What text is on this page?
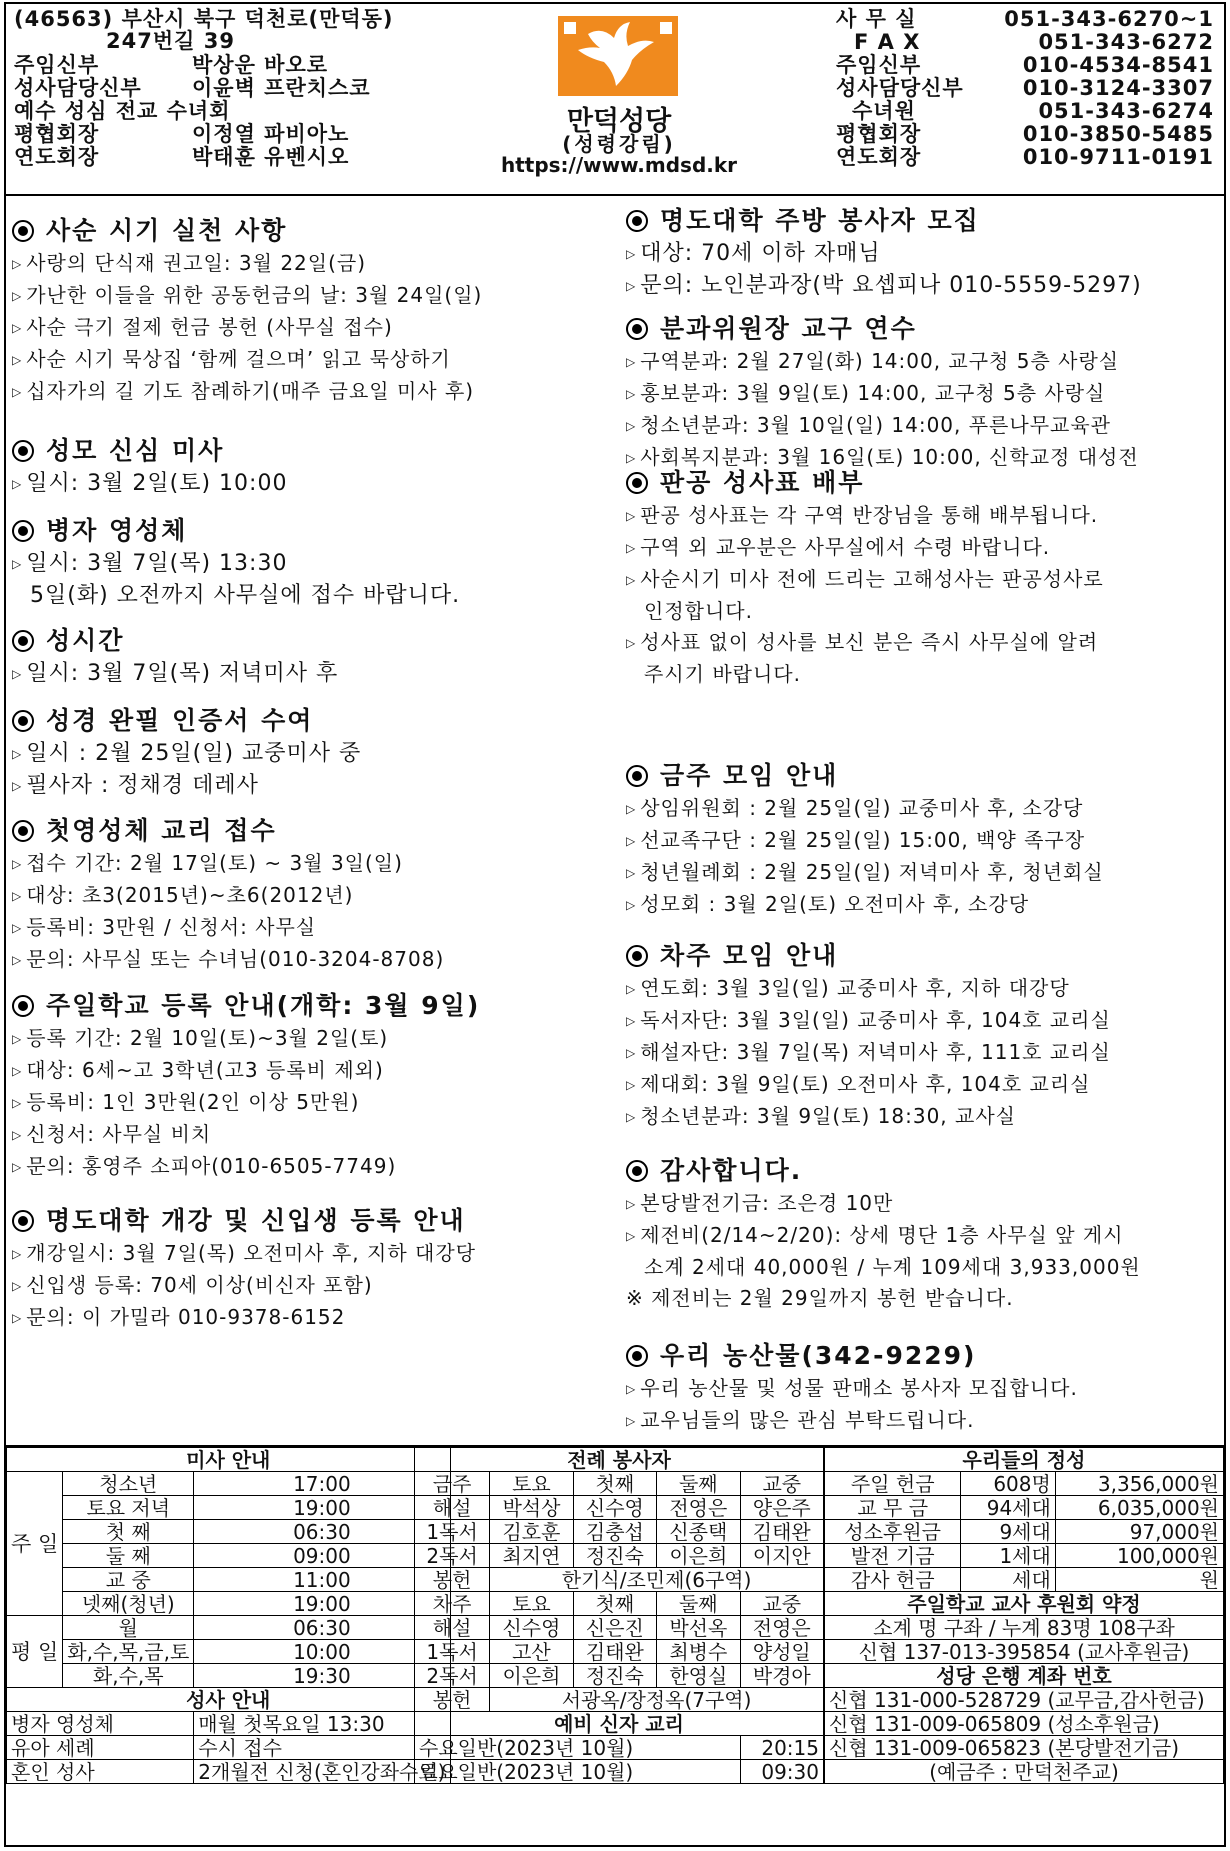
(46563) 부산시 북구 덕천로(만덕동)
247번길 39
주임신부	박상운 바오로
성사담당신부 이윤벽 프란치스코
예수 성심 전교 수녀회
평협회장	이정열 파비아노
연도회장	박태훈 유벤시오
만덕성당
(성령강림)
https://www.mdsd.kr
사 무 실	051-343-6270~1
F A X	051-343-6272
주임신부	010-4534-8541
성사담당신부	010-3124-3307
수녀원	051-343-6274
평협회장	010-3850-5485
연도회장	010-9711-0191
사순 시기 실천 사항
▷ 사랑의 단식재 권고일: 3월 22일(금)
▷ 가난한 이들을 위한 공동헌금의 날: 3월 24일(일)
▷ 사순 극기 절제 헌금 봉헌 (사무실 접수)
▷ 사순 시기 묵상집 ‘함께 걸으며’ 읽고 묵상하기
▷ 십자가의 길 기도 참례하기(매주 금요일 미사 후)
성모 신심 미사
▷ 일시: 3월 2일(토) 10:00
병자 영성체
▷ 일시: 3월 7일(목) 13:30
5일(화) 오전까지 사무실에 접수 바랍니다.
성시간
▷ 일시: 3월 7일(목) 저녁미사 후
성경 완필 인증서 수여
▷ 일시 : 2월 25일(일) 교중미사 중
▷ 필사자 : 정채경 데레사
첫영성체 교리 접수
▷ 접수 기간: 2월 17일(토) ~ 3월 3일(일)
▷ 대상: 초3(2015년)~초6(2012년)
▷ 등록비: 3만원 / 신청서: 사무실
▷ 문의: 사무실 또는 수녀님(010-3204-8708)
주일학교 등록 안내(개학: 3월 9일)
▷ 등록 기간: 2월 10일(토)~3월 2일(토)
▷ 대상: 6세~고 3학년(고3 등록비 제외)
▷ 등록비: 1인 3만원(2인 이상 5만원)
▷ 신청서: 사무실 비치
▷ 문의: 홍영주 소피아(010-6505-7749)
명도대학 개강 및 신입생 등록 안내
▷ 개강일시: 3월 7일(목) 오전미사 후, 지하 대강당
▷ 신입생 등록: 70세 이상(비신자 포함)
▷ 문의: 이 가밀라 010-9378-6152
명도대학 주방 봉사자 모집
▷ 대상: 70세 이하 자매님
▷ 문의: 노인분과장(박 요셉피나 010-5559-5297)
분과위원장 교구 연수
▷ 구역분과: 2월 27일(화) 14:00, 교구청 5층 사랑실
▷ 홍보분과: 3월 9일(토) 14:00, 교구청 5층 사랑실
▷ 청소년분과: 3월 10일(일) 14:00, 푸른나무교육관
▷ 사회복지분과: 3월 16일(토) 10:00, 신학교정 대성전
판공 성사표 배부
▷ 판공 성사표는 각 구역 반장님을 통해 배부됩니다.
▷ 구역 외 교우분은 사무실에서 수령 바랍니다.
▷ 사순시기 미사 전에 드리는 고해성사는 판공성사로
인정합니다.
▷ 성사표 없이 성사를 보신 분은 즉시 사무실에 알려
주시기 바랍니다.
금주 모임 안내
▷ 상임위원회 : 2월 25일(일) 교중미사 후, 소강당
▷ 선교족구단 : 2월 25일(일) 15:00, 백양 족구장
▷ 청년월례회 : 2월 25일(일) 저녁미사 후, 청년회실
▷ 성모회 : 3월 2일(토) 오전미사 후, 소강당
차주 모임 안내
▷ 연도회: 3월 3일(일) 교중미사 후, 지하 대강당
▷ 독서자단: 3월 3일(일) 교중미사 후, 104호 교리실
▷ 해설자단: 3월 7일(목) 저녁미사 후, 111호 교리실
▷ 제대회: 3월 9일(토) 오전미사 후, 104호 교리실
▷ 청소년분과: 3월 9일(토) 18:30, 교사실
감사합니다.
▷ 본당발전기금: 조은경 10만
▷ 제전비(2/14~2/20): 상세 명단 1층 사무실 앞 게시
소계 2세대 40,000원 / 누계 109세대 3,933,000원
※ 제전비는 2월 29일까지 봉헌 받습니다.
우리 농산물(342-9229)
▷ 우리 농산물 및 성물 판매소 봉사자 모집합니다.
▷ 교우님들의 많은 관심 부탁드립니다.
미사 안내		
주 일	청소년	17:00
	토요 저녁	19:00
	첫 째	06:30
	둘 째	09:00
	교 중	11:00
	넷째(청년)	19:00
평 일	월	06:30
	화,수,목,금,토	10:00
	화,수,목	19:30
성사 안내		
병자 영성체		매월 첫목요일 13:30
유아 세례		수시 접수
혼인 성사		2개월전 신청(혼인강좌수료)
전례 봉사자				
금주	토요	첫째	둘째	교중
해설	박석상	신수영	전영은	양은주
1독서	김호훈	김충섭	신종택	김태완
2독서	최지연	정진숙	이은희	이지안
봉헌	한기식/조민제(6구역)			
차주	토요	첫째	둘째	교중
해설	신수영	신은진	박선옥	전영은
1독서	고산	김태완	최병수	양성일
2독서	이은희	정진숙	한영실	박경아
봉헌	서광옥/장정옥(7구역)			
예비 신자 교리				
수요일반(2023년 10월)				20:15
일요일반(2023년 10월)				09:30
우리들의 정성		
주일 헌금	608명	3,356,000원
교 무 금	94세대	6,035,000원
성소후원금	9세대	97,000원
발전 기금	1세대	100,000원
감사 헌금	세대	원
주일학교 교사 후원회 약정		
소계 명 구좌 / 누계 83명 108구좌		
신협 137-013-395854 (교사후원금)		
성당 은행 계좌 번호		
신협 131-000-528729 (교무금,감사헌금)		
신협 131-009-065809 (성소후원금)		
신협 131-009-065823 (본당발전기금)		
(예금주 : 만덕천주교)		
